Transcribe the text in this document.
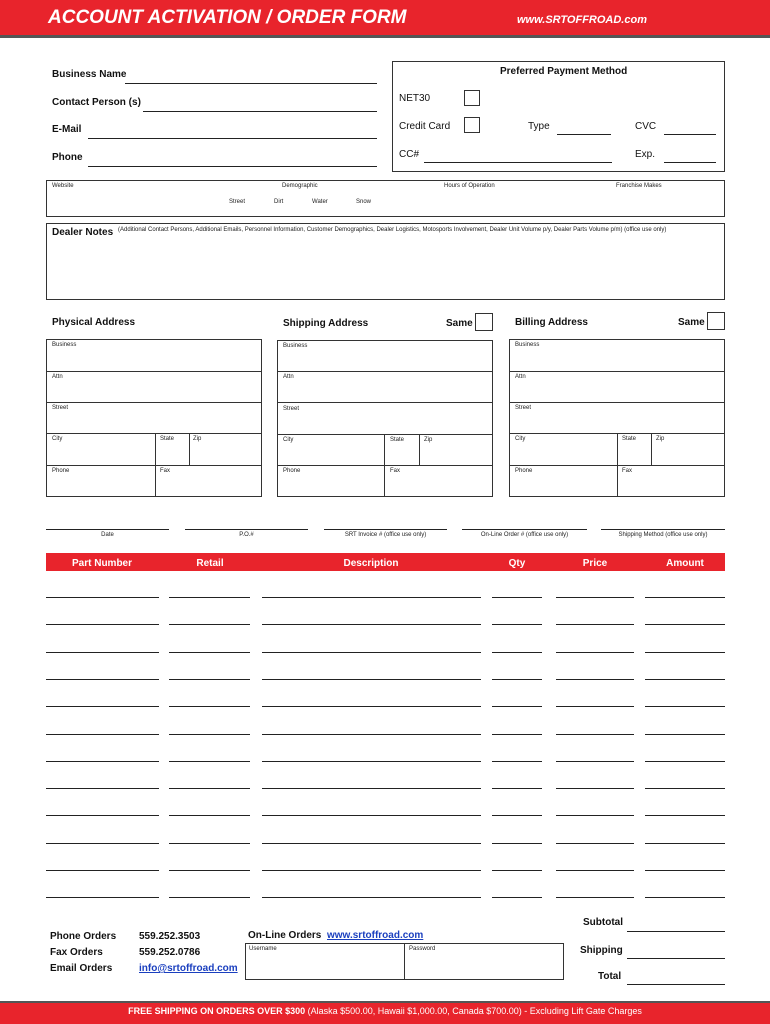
ACCOUNT ACTIVATION / ORDER FORM	www.SRTOFFROAD.com
Business Name
Contact Person (s)
E-Mail
Phone
Preferred Payment Method
NET30
Credit Card	Type	CVC
CC#	Exp.
Website	Demographic	Hours of Operation	Franchise Makes
Street	Dirt	Water	Snow
Dealer Notes (Additional Contact Persons, Additional Emails, Personnel Information, Customer Demographics, Dealer Logistics, Motosports Involvement, Dealer Unit Volume p/y, Dealer Parts Volume p/m) (office use only)
Physical Address	Shipping Address	Same	Billing Address	Same
Business
Attn
Street
City	State	Zip
Phone	Fax
Business
Attn
Street
City	State	Zip
Phone	Fax
Business
Attn
Street
City	State	Zip
Phone	Fax
Date	P.O.#	SRT Invoice # (office use only)	On-Line Order # (office use only)	Shipping Method (office use only)
Part Number	Retail	Description	Qty	Price	Amount
Phone Orders 559.252.3503
Fax Orders	559.252.0786
Email Orders	info@srtoffroad.com
On-Line Orders www.srtoffroad.com
Username	Password
Subtotal
Shipping
Total
FREE SHIPPING ON ORDERS OVER $300 (Alaska $500.00, Hawaii $1,000.00, Canada $700.00) - Excluding Lift Gate Charges
